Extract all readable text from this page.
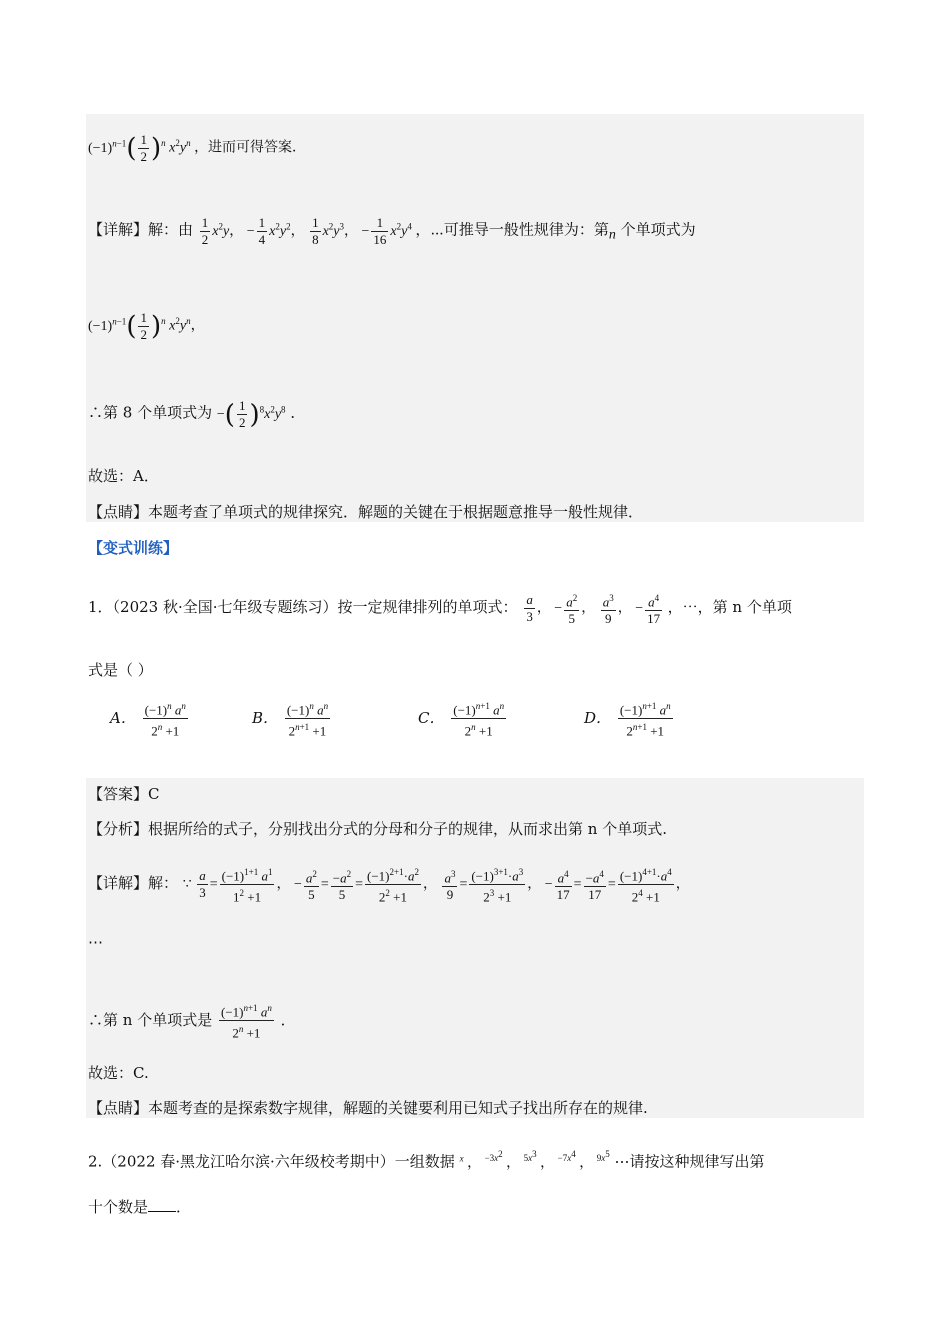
$(-1)^{n-1}( \frac{1}{2} )^n$ $x^2y^n$ ，进而可得答案．
【详解】解：由 $\frac{1}{2} x^2y$， − $\frac{1}{4} x^2y^2$， $\frac{1}{8} x^2y^3$， − $\frac{1}{16} x^2y^4$ ，⋯可推导一般性规律为：第$_n$ 个单项式为
$(-1)^{n-1}( \frac{1}{2} )^n$ $x^2y^n$，
∴第 8 个单项式为 −( $\frac{1}{2} )^8x^2y^8$ ．
故选：A．
【点睛】本题考查了单项式的规律探究．解题的关键在于根据题意推导一般性规律．
【变式训练】
1．（2023 秋·全国·七年级专题练习）按一定规律排列的单项式： $\frac{a}{3}$ ， − $\frac{a^2}{5}$ ， $\frac{a^3}{9}$ ， − $\frac{a^4}{17}$ ，⋯，第 n 个单项
式是（ ）
A． $\frac{(-1)^n a^n}{2^n +1}$	B． $\frac{(-1)^n a^n}{2^{n+1} +1}$	C． $\frac{(-1)^{n+1} a^n}{2^n +1}$	D． $\frac{(-1)^{n+1} a^n}{2^{n+1} +1}$
【答案】C
【分析】根据所给的式子，分别找出分式的分母和分子的规律，从而求出第 n 个单项式.
【详解】解： ∵ $\frac{a}{3} = \frac{(-1)^{1+1} a^1}{1^2 +1}$ ， − $\frac{a^2}{5} = \frac{-a^2}{5} = \frac{(-1)^{2+1}\cdot a^2}{2^2 +1}$ ， $\frac{a^3}{9} = \frac{(-1)^{3+1}\cdot a^3}{2^3 +1}$ ， − $\frac{a^4}{17} = \frac{-a^4}{17} = \frac{(-1)^{4+1}\cdot a^4}{2^4 +1}$ ，
⋯
∴第 n 个单项式是 $\frac{(-1)^{n+1} a^n}{2^n +1}$ ．
故选：C.
【点睛】本题考查的是探索数字规律，解题的关键要利用已知式子找出所存在的规律.
2.（2022 春·黑龙江哈尔滨·六年级校考期中）一组数据 $^x$ ， $^{-3x^2}$ ， $^{5x^3}$ ， $^{-7x^4}$ ， $^{9x^5}$ ⋯请按这种规律写出第
十个数是 ．
